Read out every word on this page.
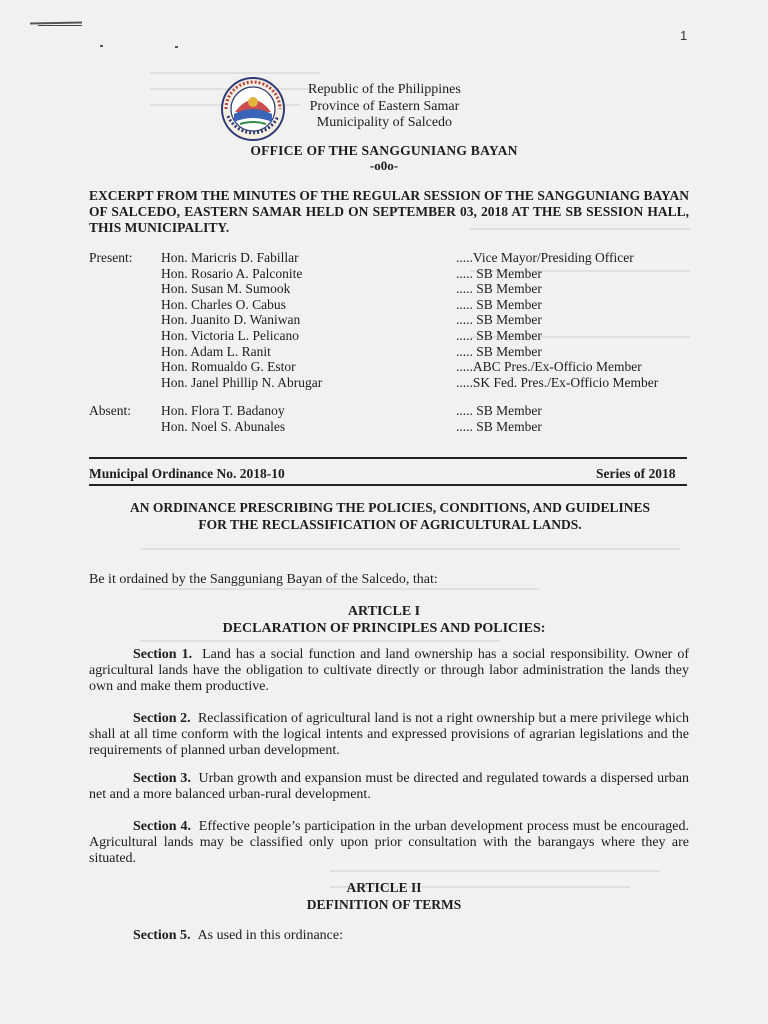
1
Republic of the Philippines
Province of Eastern Samar
Municipality of Salcedo
OFFICE OF THE SANGGUNIANG BAYAN
-o0o-
EXCERPT FROM THE MINUTES OF THE REGULAR SESSION OF THE SANGGUNIANG BAYAN OF SALCEDO, EASTERN SAMAR HELD ON SEPTEMBER 03, 2018 AT THE SB SESSION HALL, THIS MUNICIPALITY.
Present: Hon. Maricris D. Fabillar	.....Vice Mayor/Presiding Officer
Hon. Rosario A. Palconite	..... SB Member
Hon. Susan M. Sumook	..... SB Member
Hon. Charles O. Cabus	..... SB Member
Hon. Juanito D. Waniwan	..... SB Member
Hon. Victoria L. Pelicano	..... SB Member
Hon. Adam L. Ranit	..... SB Member
Hon. Romualdo G. Estor	.....ABC Pres./Ex-Officio Member
Hon. Janel Phillip N. Abrugar	.....SK Fed. Pres./Ex-Officio Member
Absent: Hon. Flora T. Badanoy	..... SB Member
Hon. Noel S. Abunales	..... SB Member
Municipal Ordinance No. 2018-10	Series of 2018
AN ORDINANCE PRESCRIBING THE POLICIES, CONDITIONS, AND GUIDELINES
FOR THE RECLASSIFICATION OF AGRICULTURAL LANDS.
Be it ordained by the Sangguniang Bayan of the Salcedo, that:
ARTICLE I
DECLARATION OF PRINCIPLES AND POLICIES:
Section 1. Land has a social function and land ownership has a social responsibility. Owner of agricultural lands have the obligation to cultivate directly or through labor administration the lands they own and make them productive.
Section 2. Reclassification of agricultural land is not a right ownership but a mere privilege which shall at all time conform with the logical intents and expressed provisions of agrarian legislations and the requirements of planned urban development.
Section 3. Urban growth and expansion must be directed and regulated towards a dispersed urban net and a more balanced urban-rural development.
Section 4. Effective people’s participation in the urban development process must be encouraged. Agricultural lands may be classified only upon prior consultation with the barangays where they are situated.
ARTICLE II
DEFINITION OF TERMS
Section 5. As used in this ordinance:
